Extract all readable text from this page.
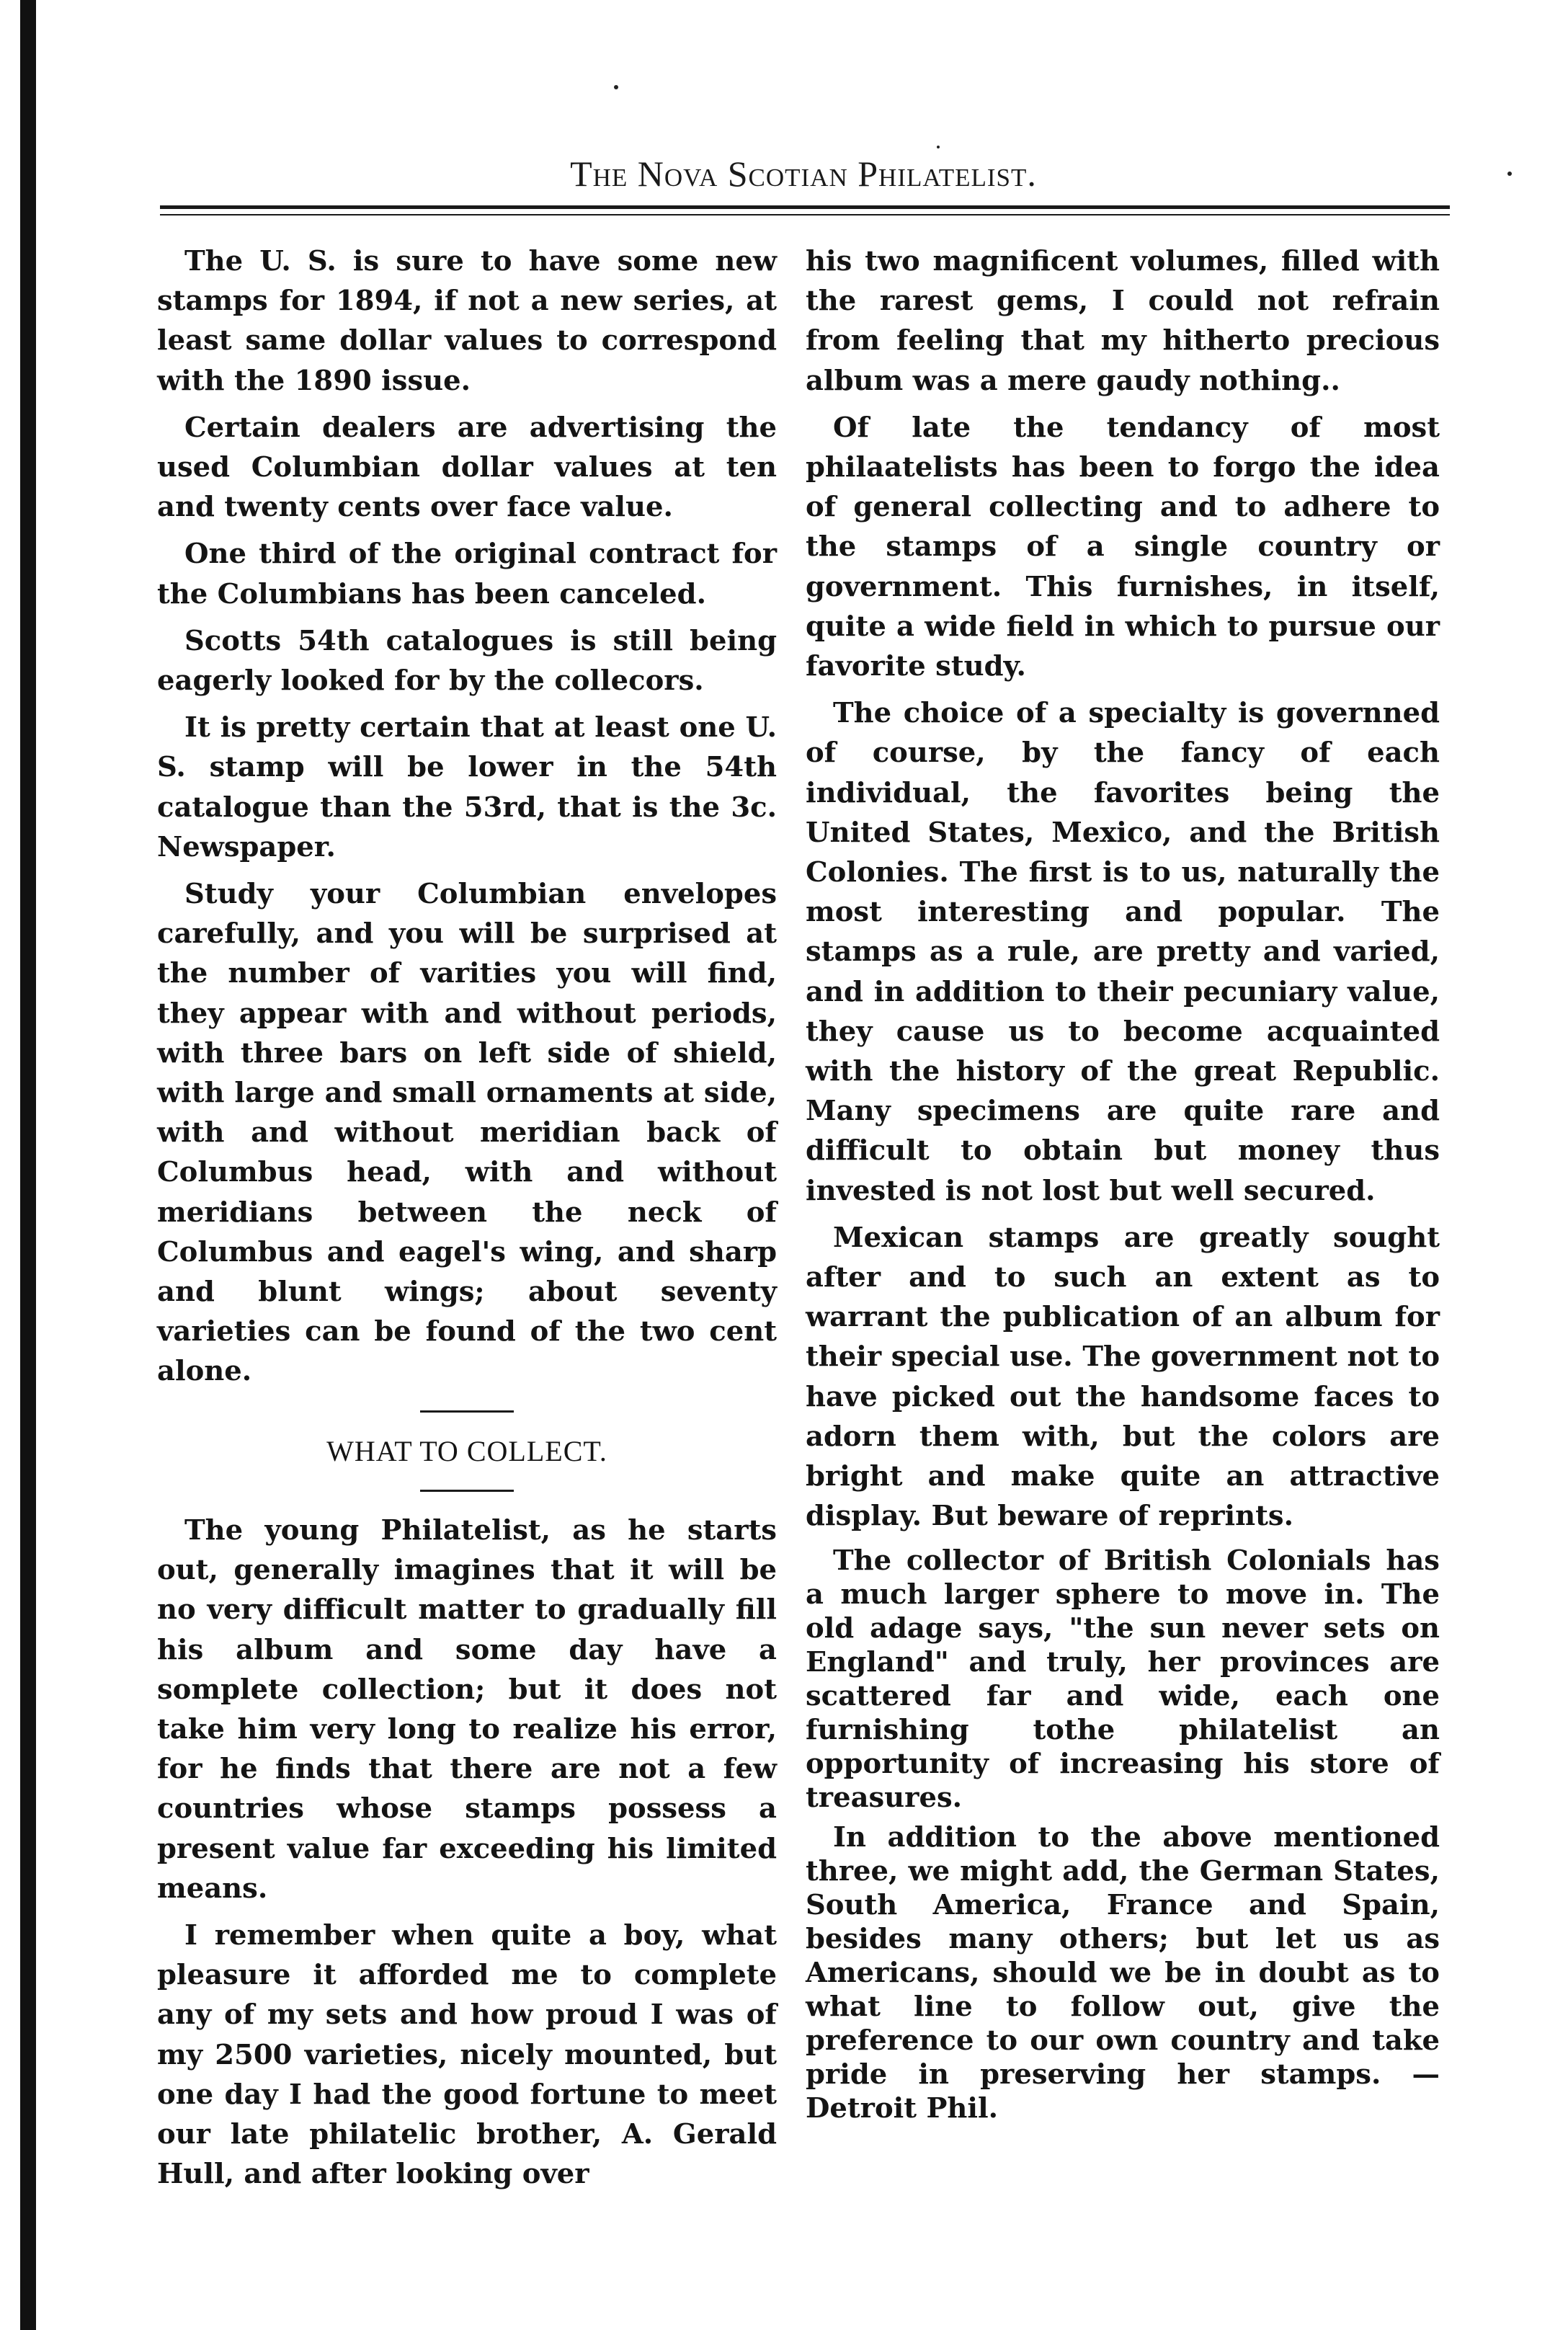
The Nova Scotian Philatelist.

The U. S. is sure to have some new stamps for 1894, if not a new series, at least same dollar values to correspond with the 1890 issue.

Certain dealers are advertising the used Columbian dollar values at ten and twenty cents over face value.

One third of the original contract for the Columbians has been canceled.

Scotts 54th catalogues is still being eagerly looked for by the collecors.

It is pretty certain that at least one U. S. stamp will be lower in the 54th catalogue than the 53rd, that is the 3c. Newspaper.

Study your Columbian envelopes carefully, and you will be surprised at the number of varities you will find, they appear with and without periods, with three bars on left side of shield, with large and small ornaments at side, with and without meridian back of Columbus head, with and without meridians between the neck of Columbus and eagel's wing, and sharp and blunt wings; about seventy varieties can be found of the two cent alone.

WHAT TO COLLECT.

The young Philatelist, as he starts out, generally imagines that it will be no very difficult matter to gradually fill his album and some day have a somplete collection; but it does not take him very long to realize his error, for he finds that there are not a few countries whose stamps possess a present value far exceeding his limited means.

I remember when quite a boy, what pleasure it afforded me to complete any of my sets and how proud I was of my 2500 varieties, nicely mounted, but one day I had the good fortune to meet our late philatelic brother, A. Gerald Hull, and after looking over

his two magnificent volumes, filled with the rarest gems, I could not refrain from feeling that my hitherto precious album was a mere gaudy nothing..

Of late the tendancy of most philaatelists has been to forgo the idea of general collecting and to adhere to the stamps of a single country or government. This furnishes, in itself, quite a wide field in which to pursue our favorite study.

The choice of a specialty is governned of course, by the fancy of each individual, the favorites being the United States, Mexico, and the British Colonies. The first is to us, naturally the most interesting and popular. The stamps as a rule, are pretty and varied, and in addition to their pecuniary value, they cause us to become acquainted with the history of the great Republic. Many specimens are quite rare and difficult to obtain but money thus invested is not lost but well secured.

Mexican stamps are greatly sought after and to such an extent as to warrant the publication of an album for their special use. The government not to have picked out the handsome faces to adorn them with, but the colors are bright and make quite an attractive display. But beware of reprints.

The collector of British Colonials has a much larger sphere to move in. The old adage says, "the sun never sets on England" and truly, her provinces are scattered far and wide, each one furnishing tothe philatelist an opportunity of increasing his store of treasures.

In addition to the above mentioned three, we might add, the German States, South America, France and Spain, besides many others; but let us as Americans, should we be in doubt as to what line to follow out, give the preference to our own country and take pride in preserving her stamps. —Detroit Phil.
